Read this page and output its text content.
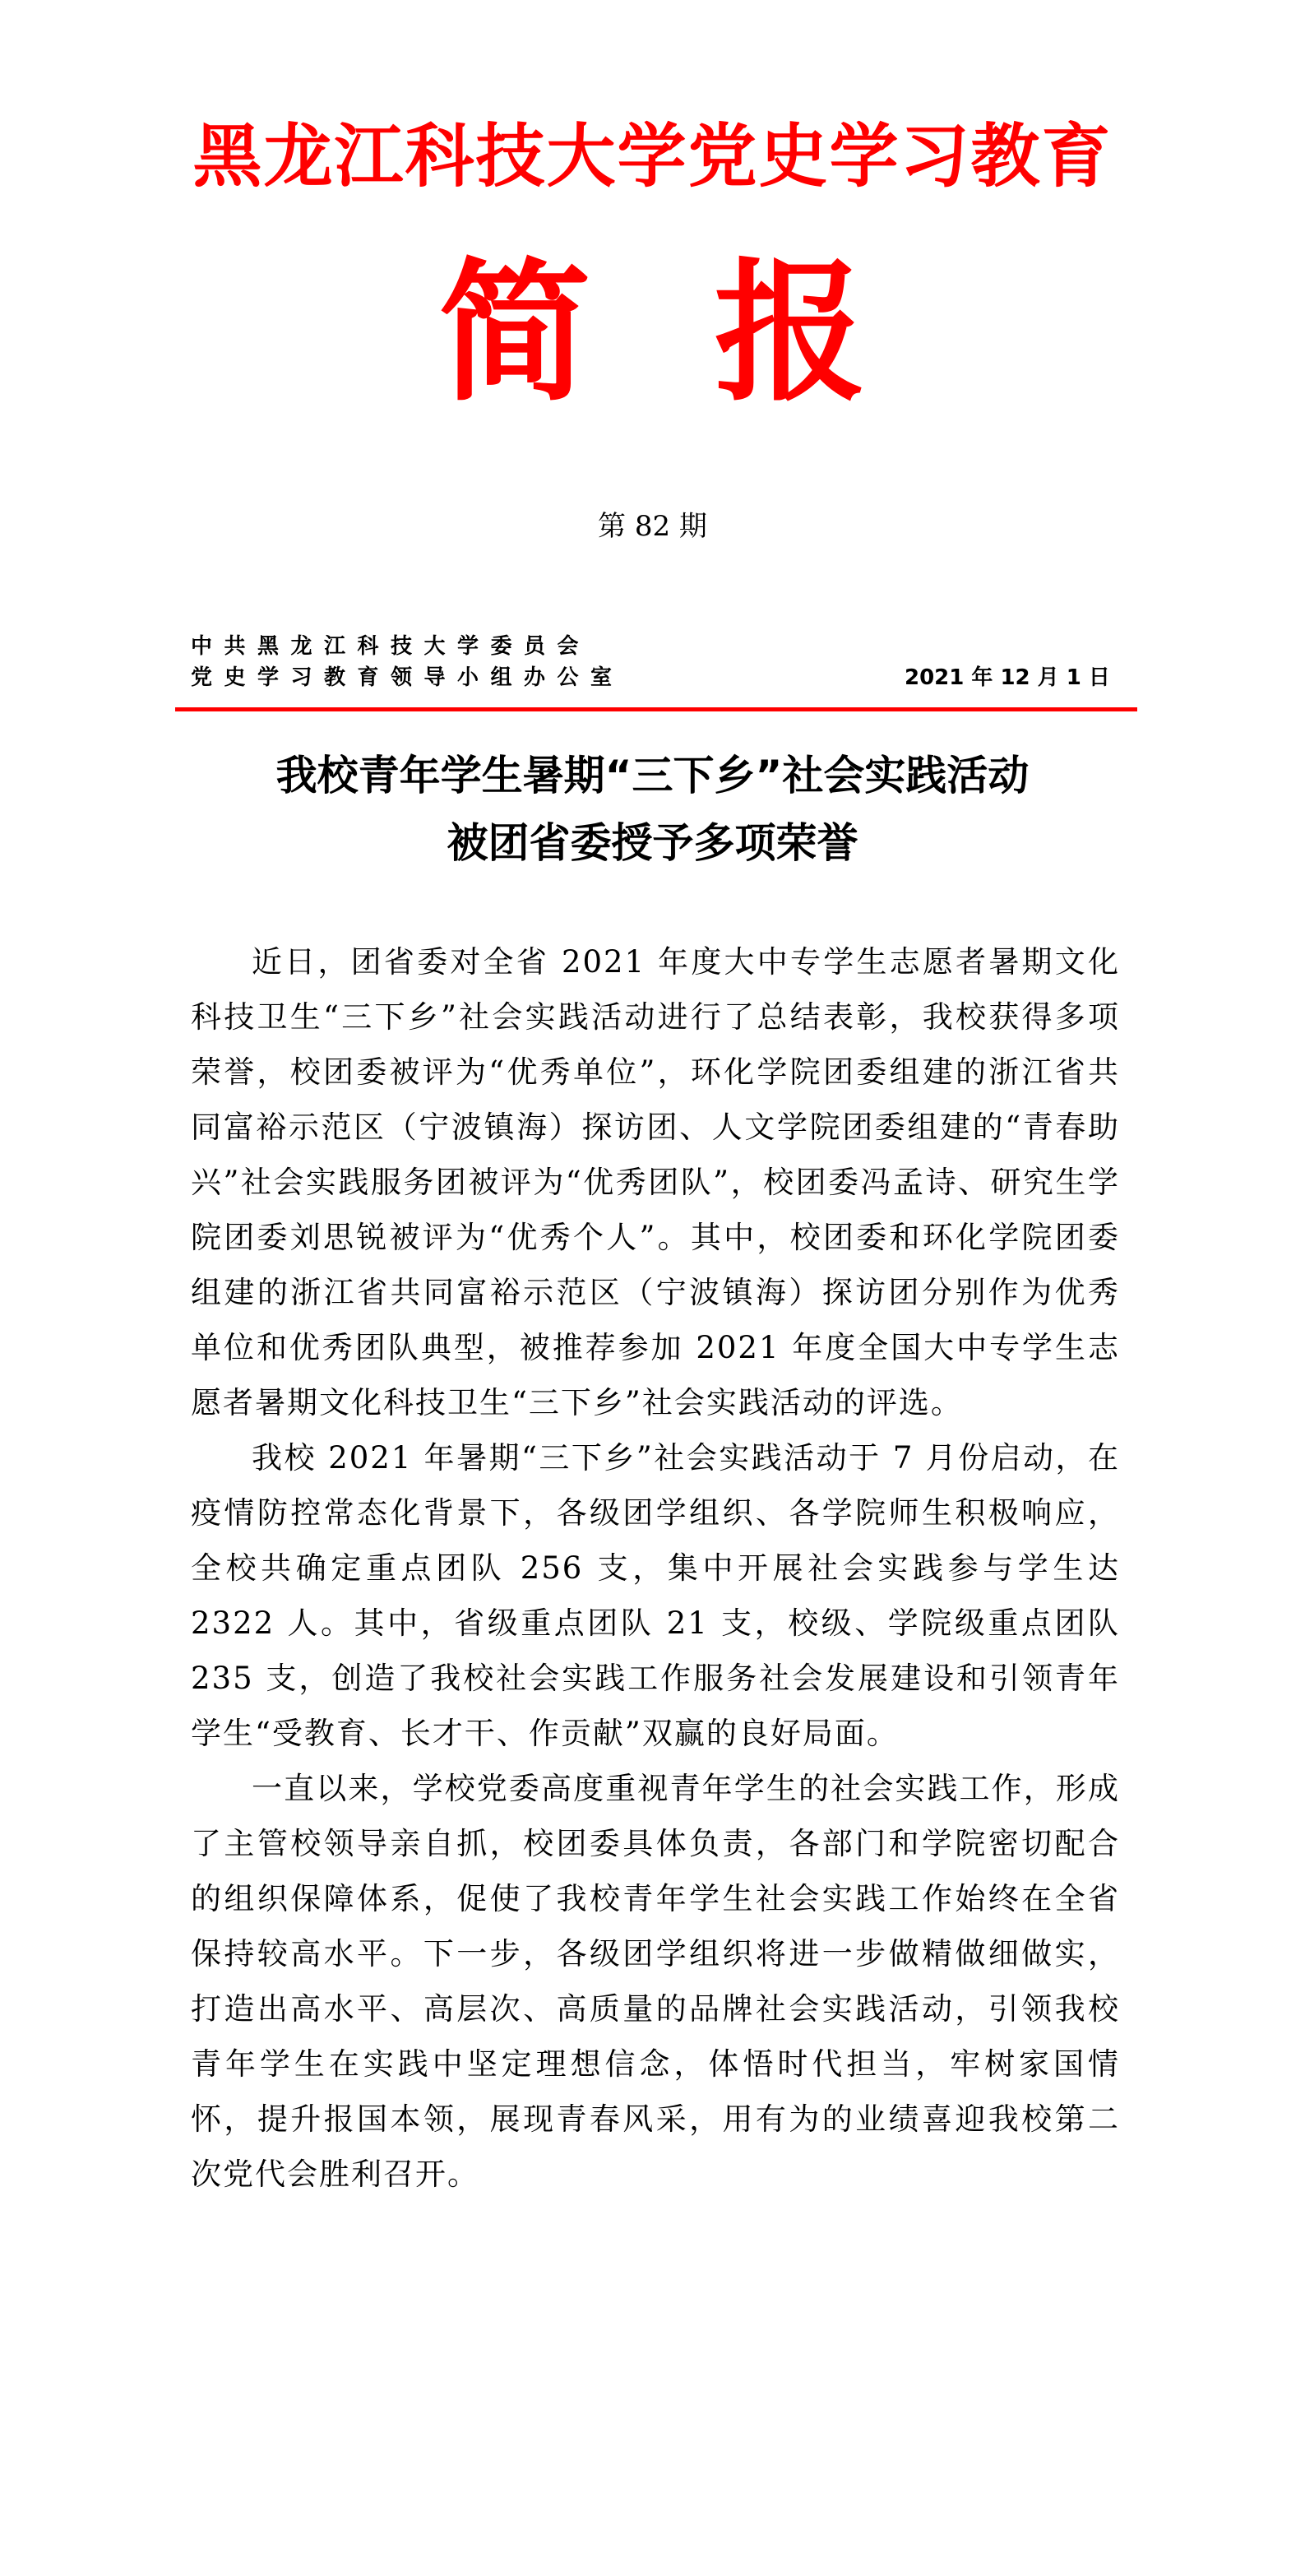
黑龙江科技大学党史学习教育
简 报
第 82 期
中共黑龙江科技大学委员会
党史学习教育领导小组办公室	2021 年 12 月 1 日
我校青年学生暑期“三下乡”社会实践活动
被团省委授予多项荣誉

近日，团省委对全省 2021 年度大中专学生志愿者暑期文化科技卫生“三下乡”社会实践活动进行了总结表彰，我校获得多项荣誉，校团委被评为“优秀单位”，环化学院团委组建的浙江省共同富裕示范区（宁波镇海）探访团、人文学院团委组建的“青春助兴”社会实践服务团被评为“优秀团队”，校团委冯孟诗、研究生学院团委刘思锐被评为“优秀个人”。其中，校团委和环化学院团委组建的浙江省共同富裕示范区（宁波镇海）探访团分别作为优秀单位和优秀团队典型，被推荐参加 2021 年度全国大中专学生志愿者暑期文化科技卫生“三下乡”社会实践活动的评选。

我校 2021 年暑期“三下乡”社会实践活动于 7 月份启动，在疫情防控常态化背景下，各级团学组织、各学院师生积极响应，全校共确定重点团队 256 支，集中开展社会实践参与学生达 2322 人。其中，省级重点团队 21 支，校级、学院级重点团队 235 支，创造了我校社会实践工作服务社会发展建设和引领青年学生“受教育、长才干、作贡献”双赢的良好局面。

一直以来，学校党委高度重视青年学生的社会实践工作，形成了主管校领导亲自抓，校团委具体负责，各部门和学院密切配合的组织保障体系，促使了我校青年学生社会实践工作始终在全省保持较高水平。下一步，各级团学组织将进一步做精做细做实，打造出高水平、高层次、高质量的品牌社会实践活动，引领我校青年学生在实践中坚定理想信念，体悟时代担当，牢树家国情怀，提升报国本领，展现青春风采，用有为的业绩喜迎我校第二次党代会胜利召开。
